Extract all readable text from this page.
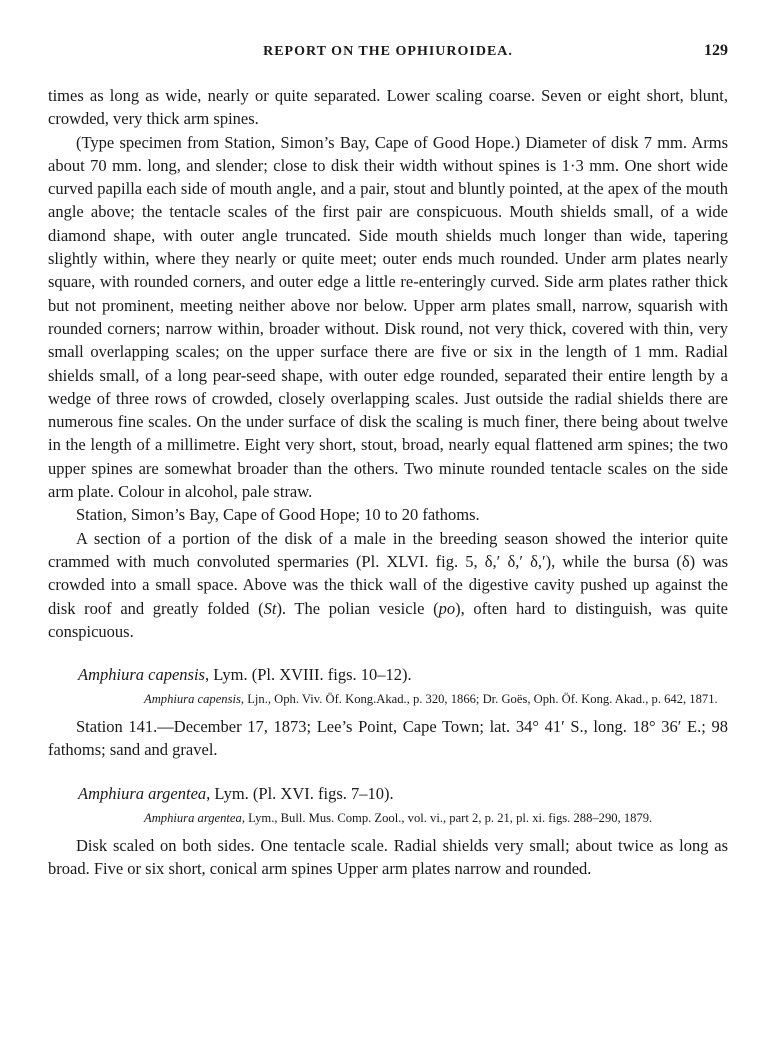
REPORT ON THE OPHIUROIDEA.	129

times as long as wide, nearly or quite separated. Lower scaling coarse. Seven or eight short, blunt, crowded, very thick arm spines.

(Type specimen from Station, Simon’s Bay, Cape of Good Hope.) Diameter of disk 7 mm. Arms about 70 mm. long, and slender; close to disk their width without spines is 1·3 mm. One short wide curved papilla each side of mouth angle, and a pair, stout and bluntly pointed, at the apex of the mouth angle above; the tentacle scales of the first pair are conspicuous. Mouth shields small, of a wide diamond shape, with outer angle truncated. Side mouth shields much longer than wide, tapering slightly within, where they nearly or quite meet; outer ends much rounded. Under arm plates nearly square, with rounded corners, and outer edge a little re-enteringly curved. Side arm plates rather thick but not prominent, meeting neither above nor below. Upper arm plates small, narrow, squarish with rounded corners; narrow within, broader without. Disk round, not very thick, covered with thin, very small overlapping scales; on the upper surface there are five or six in the length of 1 mm. Radial shields small, of a long pear-seed shape, with outer edge rounded, separated their entire length by a wedge of three rows of crowded, closely overlapping scales. Just outside the radial shields there are numerous fine scales. On the under surface of disk the scaling is much finer, there being about twelve in the length of a millimetre. Eight very short, stout, broad, nearly equal flattened arm spines; the two upper spines are somewhat broader than the others. Two minute rounded tentacle scales on the side arm plate. Colour in alcohol, pale straw.

Station, Simon’s Bay, Cape of Good Hope; 10 to 20 fathoms.

A section of a portion of the disk of a male in the breeding season showed the interior quite crammed with much convoluted spermaries (Pl. XLVI. fig. 5, δ,′ δ,′ δ,′), while the bursa (δ) was crowded into a small space. Above was the thick wall of the digestive cavity pushed up against the disk roof and greatly folded (St). The polian vesicle (po), often hard to distinguish, was quite conspicuous.

Amphiura capensis, Lym. (Pl. XVIII. figs. 10–12).

Amphiura capensis, Ljn., Oph. Viv. Öf. Kong.Akad., p. 320, 1866; Dr. Goës, Oph. Öf. Kong. Akad., p. 642, 1871.

Station 141.—December 17, 1873; Lee’s Point, Cape Town; lat. 34° 41′ S., long. 18° 36′ E.; 98 fathoms; sand and gravel.

Amphiura argentea, Lym. (Pl. XVI. figs. 7–10).

Amphiura argentea, Lym., Bull. Mus. Comp. Zool., vol. vi., part 2, p. 21, pl. xi. figs. 288–290, 1879.

Disk scaled on both sides. One tentacle scale. Radial shields very small; about twice as long as broad. Five or six short, conical arm spines Upper arm plates narrow and rounded.
